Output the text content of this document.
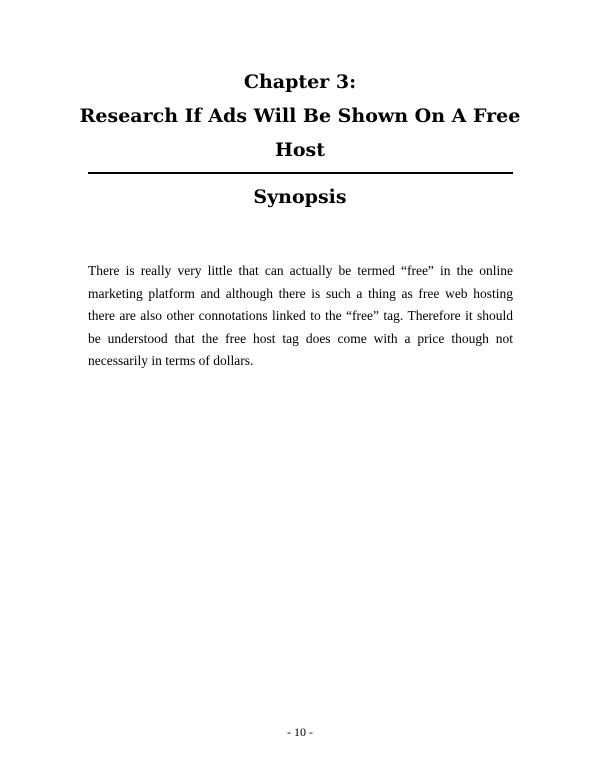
Chapter 3:
Research If Ads Will Be Shown On A Free
Host
Synopsis

There is really very little that can actually be termed “free” in the online marketing platform and although there is such a thing as free web hosting there are also other connotations linked to the “free” tag. Therefore it should be understood that the free host tag does come with a price though not necessarily in terms of dollars.

- 10 -
